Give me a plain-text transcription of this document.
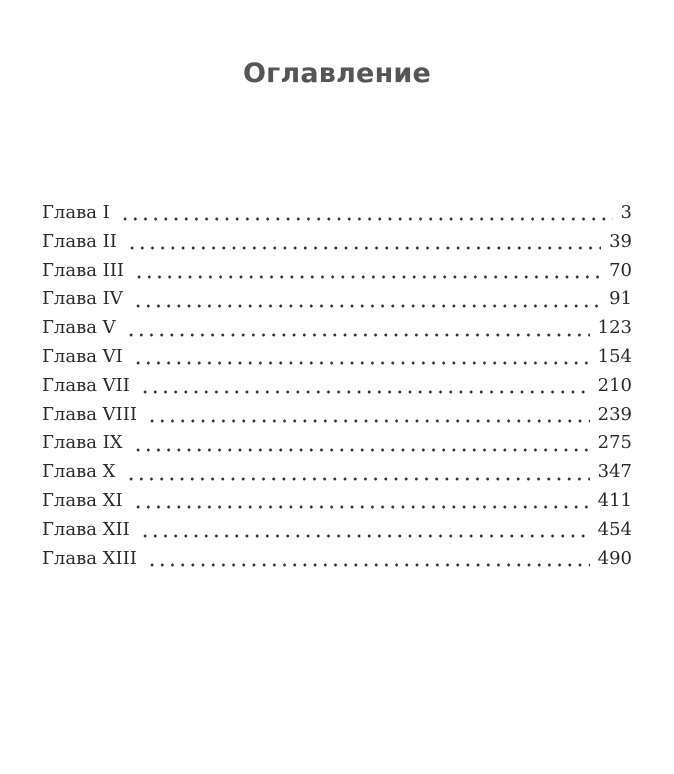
Оглавление
Глава I	3
Глава II	39
Глава III	70
Глава IV	91
Глава V	123
Глава VI	154
Глава VII	210
Глава VIII	239
Глава IX	275
Глава X	347
Глава XI	411
Глава XII	454
Глава XIII	490
